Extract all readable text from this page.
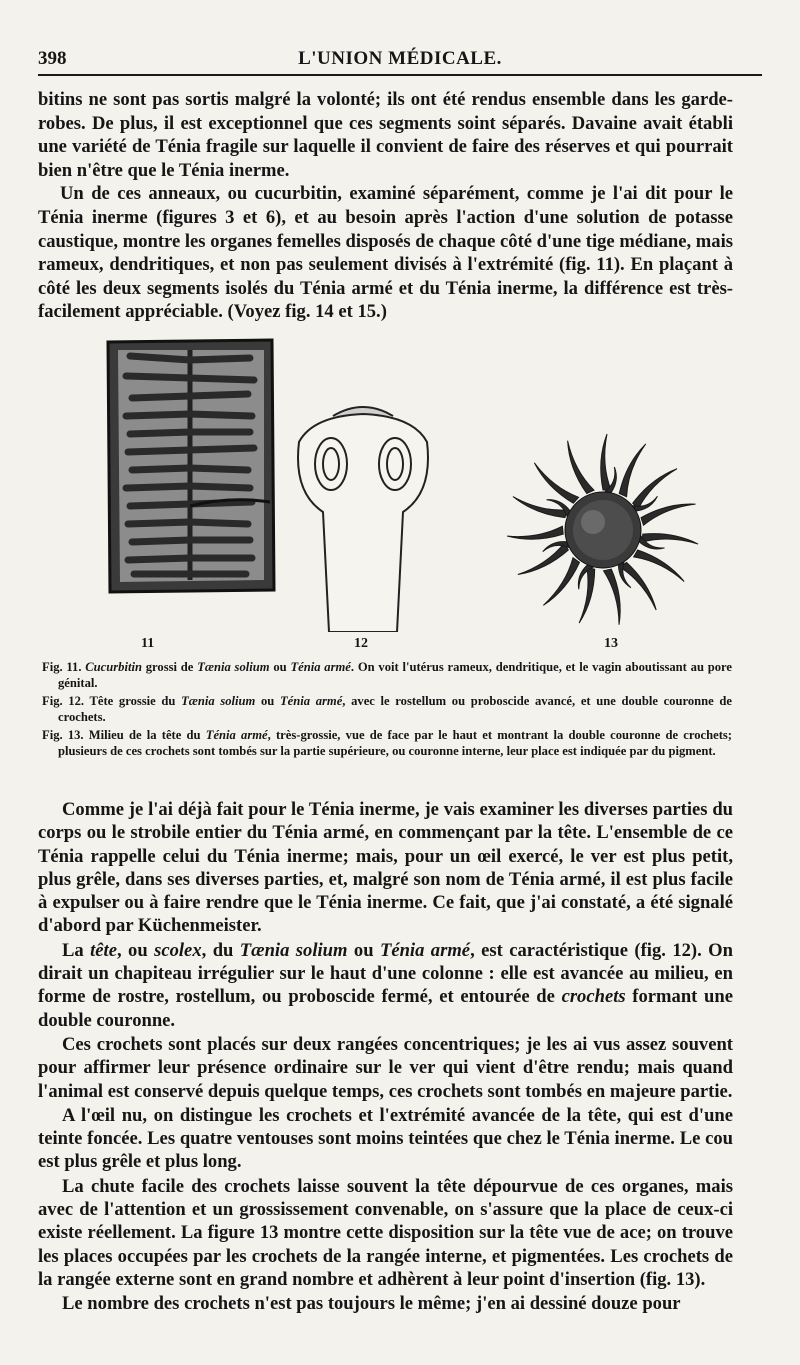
398	L'UNION MÉDICALE.

bitins ne sont pas sortis malgré la volonté; ils ont été rendus ensemble dans les garde-robes. De plus, il est exceptionnel que ces segments soint séparés. Davaine avait établi une variété de Ténia fragile sur laquelle il convient de faire des réserves et qui pourrait bien n'être que le Ténia inerme.

Un de ces anneaux, ou cucurbitin, examiné séparément, comme je l'ai dit pour le Ténia inerme (figures 3 et 6), et au besoin après l'action d'une solution de potasse caustique, montre les organes femelles disposés de chaque côté d'une tige médiane, mais rameux, dendritiques, et non pas seulement divisés à l'extrémité (fig. 11). En plaçant à côté les deux segments isolés du Ténia armé et du Ténia inerme, la différence est très-facilement appréciable. (Voyez fig. 14 et 15.)

11	12	13

Fig. 11. Cucurbitin grossi de Tænia solium ou Ténia armé. On voit l'utérus rameux, dendritique, et le vagin aboutissant au pore génital.

Fig. 12. Tête grossie du Tænia solium ou Ténia armé, avec le rostellum ou proboscide avancé, et une double couronne de crochets.

Fig. 13. Milieu de la tête du Ténia armé, très-grossie, vue de face par le haut et montrant la double couronne de crochets; plusieurs de ces crochets sont tombés sur la partie supérieure, ou couronne interne, leur place est indiquée par du pigment.

Comme je l'ai déjà fait pour le Ténia inerme, je vais examiner les diverses parties du corps ou le strobile entier du Ténia armé, en commençant par la tête. L'ensemble de ce Ténia rappelle celui du Ténia inerme; mais, pour un œil exercé, le ver est plus petit, plus grêle, dans ses diverses parties, et, malgré son nom de Ténia armé, il est plus facile à expulser ou à faire rendre que le Ténia inerme. Ce fait, que j'ai constaté, a été signalé d'abord par Küchenmeister.

La tête, ou scolex, du Tænia solium ou Ténia armé, est caractéristique (fig. 12). On dirait un chapiteau irrégulier sur le haut d'une colonne : elle est avancée au milieu, en forme de rostre, rostellum, ou proboscide fermé, et entourée de crochets formant une double couronne.

Ces crochets sont placés sur deux rangées concentriques; je les ai vus assez souvent pour affirmer leur présence ordinaire sur le ver qui vient d'être rendu; mais quand l'animal est conservé depuis quelque temps, ces crochets sont tombés en majeure partie.

A l'œil nu, on distingue les crochets et l'extrémité avancée de la tête, qui est d'une teinte foncée. Les quatre ventouses sont moins teintées que chez le Ténia inerme. Le cou est plus grêle et plus long.

La chute facile des crochets laisse souvent la tête dépourvue de ces organes, mais avec de l'attention et un grossissement convenable, on s'assure que la place de ceux-ci existe réellement. La figure 13 montre cette disposition sur la tête vue de ace; on trouve les places occupées par les crochets de la rangée interne, et pigmentées. Les crochets de la rangée externe sont en grand nombre et adhèrent à leur point d'insertion (fig. 13).

Le nombre des crochets n'est pas toujours le même; j'en ai dessiné douze pour
